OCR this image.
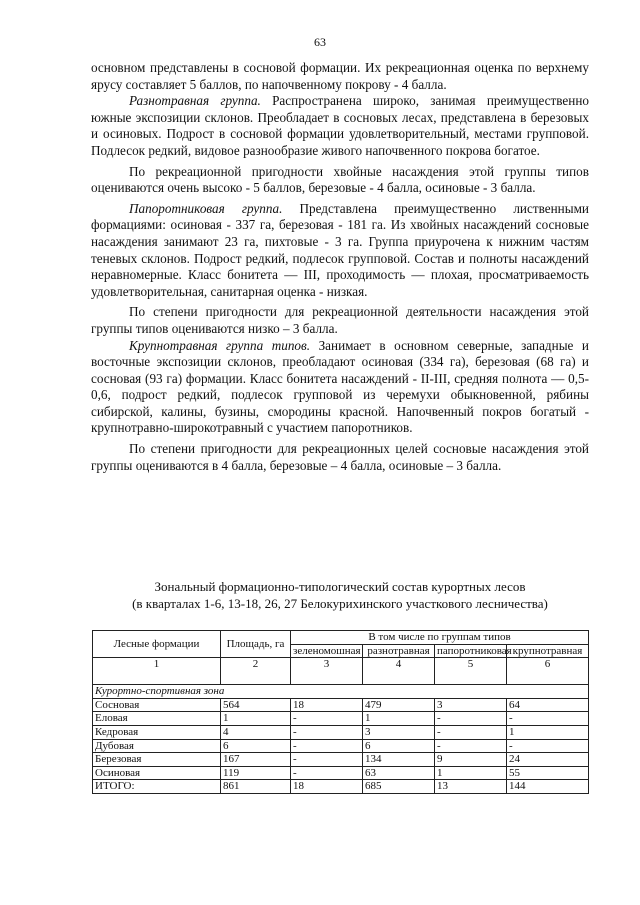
63

основном представлены в сосновой формации. Их рекреационная оценка по верхнему ярусу составляет 5 баллов, по напочвенному покрову - 4 балла.

Разнотравная группа. Распространена широко, занимая преимущественно южные экспозиции склонов. Преобладает в сосновых лесах, представлена в березовых и осиновых. Подрост в сосновой формации удовлетворительный, местами групповой. Подлесок редкий, видовое разнообразие живого напочвенного покрова богатое.

По рекреационной пригодности хвойные насаждения этой группы типов оцениваются очень высоко - 5 баллов, березовые - 4 балла, осиновые - 3 балла.

Папоротниковая группа. Представлена преимущественно лиственными формациями: осиновая - 337 га, березовая - 181 га. Из хвойных насаждений сосновые насаждения занимают 23 га, пихтовые - 3 га. Группа приурочена к нижним частям теневых склонов. Подрост редкий, подлесок групповой. Состав и полноты насаждений неравномерные. Класс бонитета — III, проходимость — плохая, просматриваемость удовлетворительная, санитарная оценка - низкая.

По степени пригодности для рекреационной деятельности насаждения этой группы типов оцениваются низко – 3 балла.

Крупнотравная группа типов. Занимает в основном северные, западные и восточные экспозиции склонов, преобладают осиновая (334 га), березовая (68 га) и сосновая (93 га) формации. Класс бонитета насаждений - II-III, средняя полнота — 0,5-0,6, подрост редкий, подлесок групповой из черемухи обыкновенной, рябины сибирской, калины, бузины, смородины красной. Напочвенный покров богатый - крупнотравно-широкотравный с участием папоротников.

По степени пригодности для рекреационных целей сосновые насаждения этой группы оцениваются в 4 балла, березовые – 4 балла, осиновые – 3 балла.

Зональный формационно-типологический состав курортных лесов
(в кварталах 1-6, 13-18, 26, 27 Белокурихинского участкового лесничества)
Лесные формации	Площадь, га	В том числе по группам типов			
		зеленомошная	разнотравная	папоротниковая	крупнотравная
1	2	3	4	5	6
Курортно-спортивная зона					
Сосновая	564	18	479	3	64
Еловая	1	-	1	-	-
Кедровая	4	-	3	-	1
Дубовая	6	-	6	-	-
Березовая	167	-	134	9	24
Осиновая	119	-	63	1	55
ИТОГО:	861	18	685	13	144
